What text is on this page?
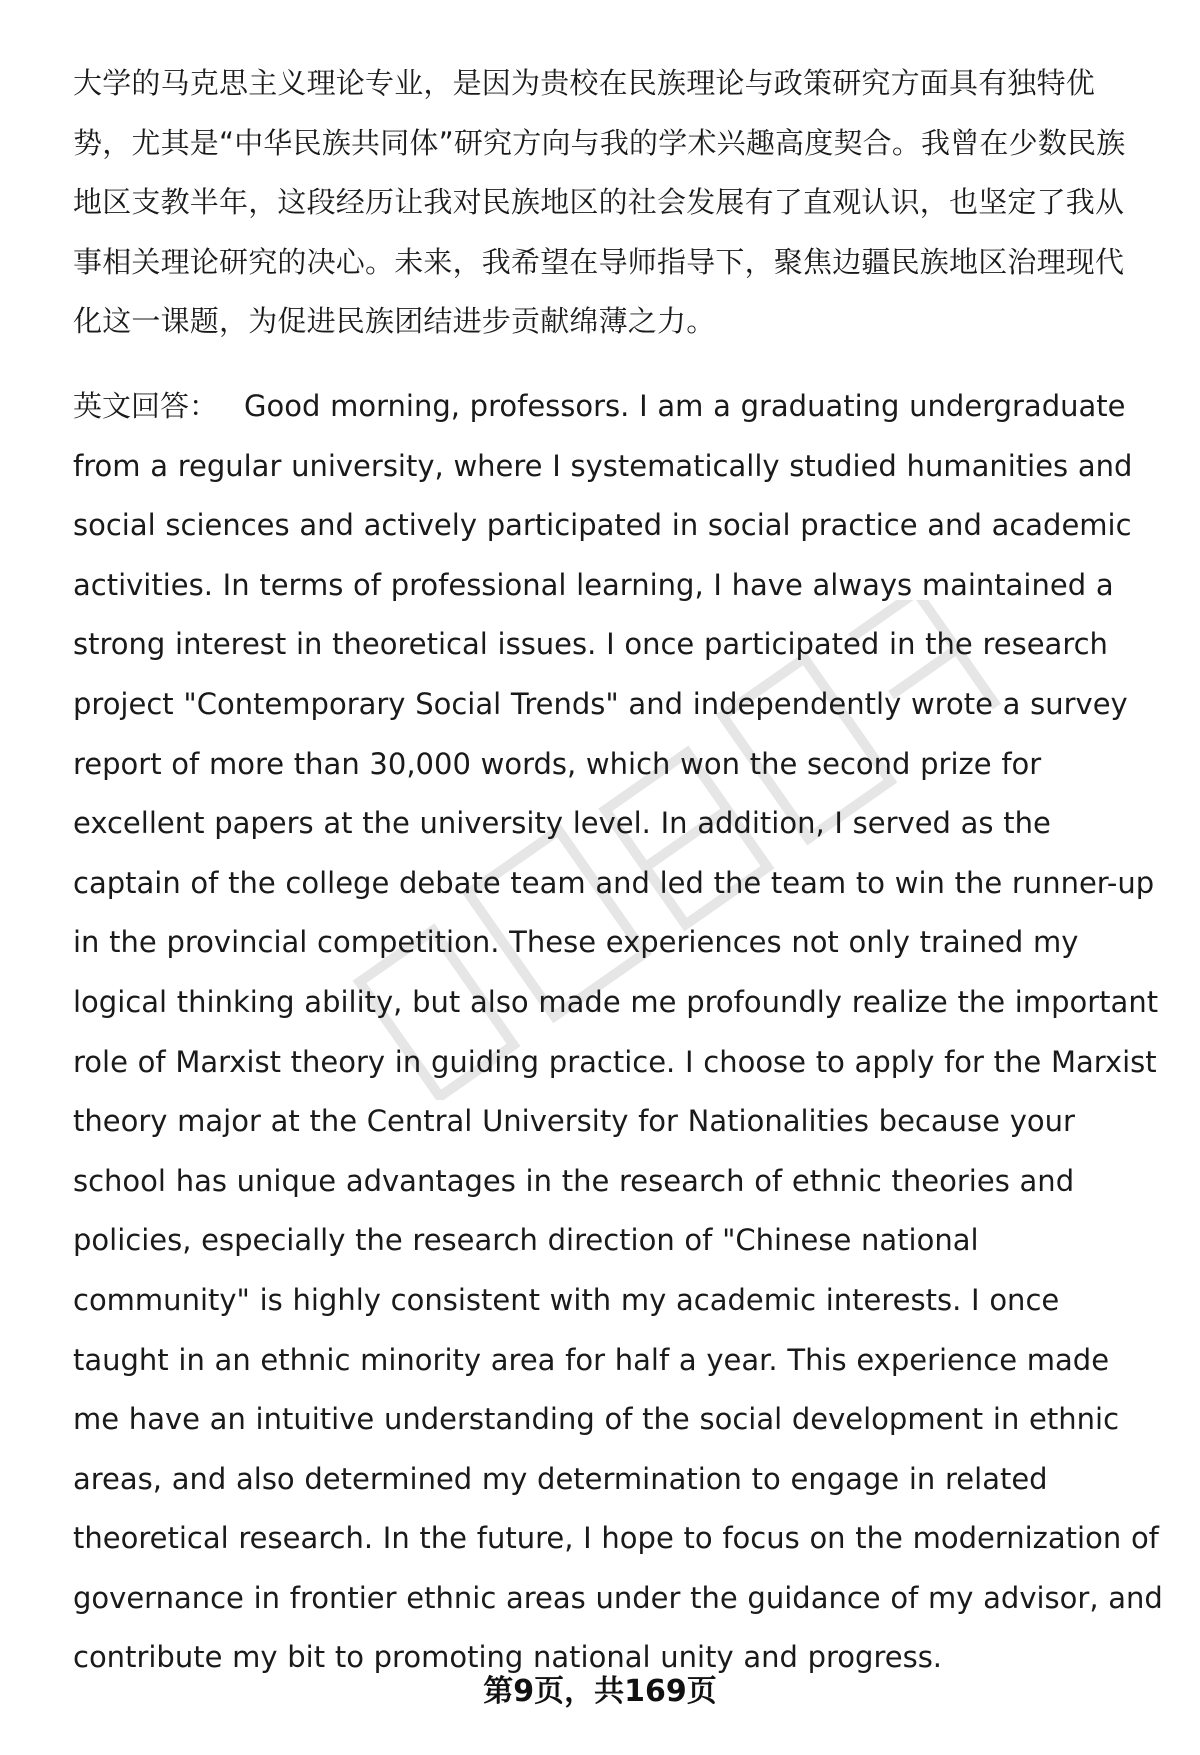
大学的马克思主义理论专业，是因为贵校在民族理论与政策研究方面具有独特优势，尤其是“中华民族共同体”研究方向与我的学术兴趣高度契合。我曾在少数民族地区支教半年，这段经历让我对民族地区的社会发展有了直观认识，也坚定了我从事相关理论研究的决心。未来，我希望在导师指导下，聚焦边疆民族地区治理现代化这一课题，为促进民族团结进步贡献绵薄之力。

英文回答： Good morning, professors. I am a graduating undergraduate from a regular university, where I systematically studied humanities and social sciences and actively participated in social practice and academic activities. In terms of professional learning, I have always maintained a strong interest in theoretical issues. I once participated in the research project "Contemporary Social Trends" and independently wrote a survey report of more than 30,000 words, which won the second prize for excellent papers at the university level. In addition, I served as the captain of the college debate team and led the team to win the runner-up in the provincial competition. These experiences not only trained my logical thinking ability, but also made me profoundly realize the important role of Marxist theory in guiding practice. I choose to apply for the Marxist theory major at the Central University for Nationalities because your school has unique advantages in the research of ethnic theories and policies, especially the research direction of "Chinese national community" is highly consistent with my academic interests. I once taught in an ethnic minority area for half a year. This experience made me have an intuitive understanding of the social development in ethnic areas, and also determined my determination to engage in related theoretical research. In the future, I hope to focus on the modernization of governance in frontier ethnic areas under the guidance of my advisor, and contribute my bit to promoting national unity and progress.

第9页，共169页
